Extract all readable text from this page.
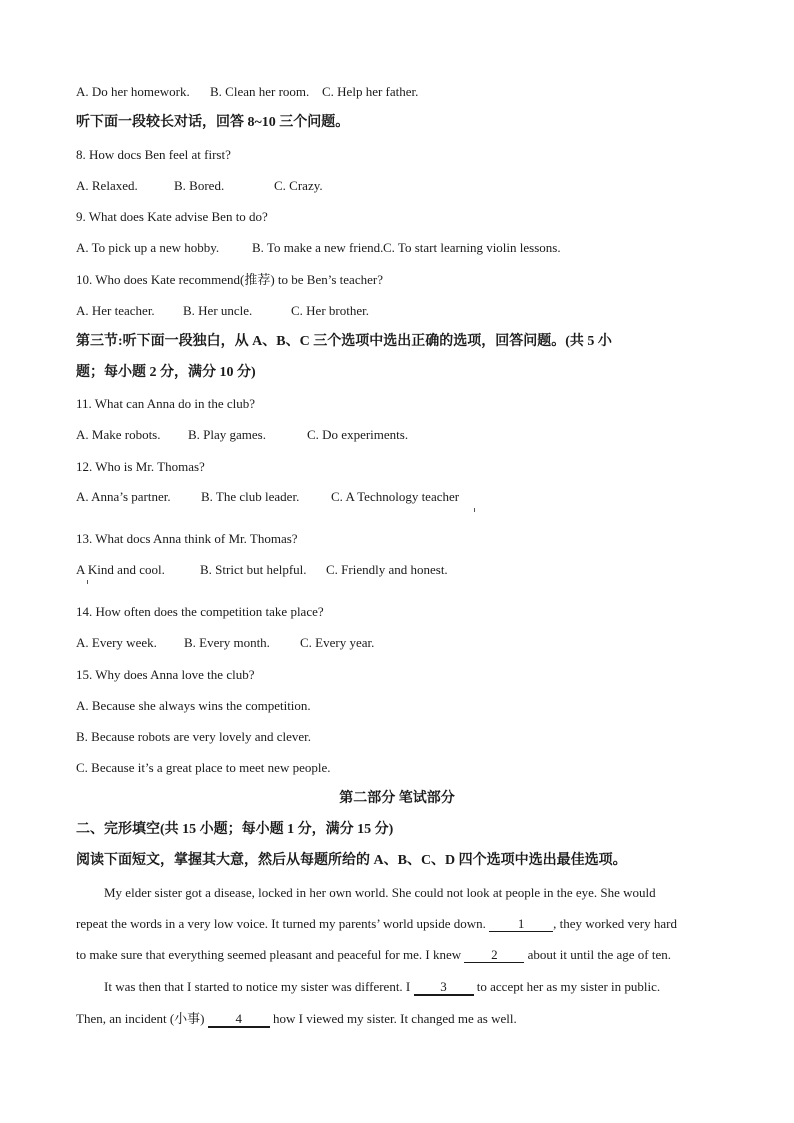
A. Do her homework. B. Clean her room. C. Help her father.
听下面一段较长对话，回答 8~10 三个问题。
8. How docs Ben feel at first?
A. Relaxed.	B. Bored.	C. Crazy.
9. What does Kate advise Ben to do?
A. To pick up a new hobby.	B. To make a new friend.C. To start learning violin lessons.
10. Who does Kate recommend(推荐) to be Ben’s teacher?
A. Her teacher. B. Her uncle.	C. Her brother.
第三节:听下面一段独白，从 A、B、C 三个选项中选出正确的选项，回答问题。(共 5 小
题；每小题 2 分，满分 10 分)
11. What can Anna do in the club?
A. Make robots. B. Play games.	C. Do experiments.
12. Who is Mr. Thomas?
A. Anna’s partner. B. The club leader. C. A Technology teacher
13. What docs Anna think of Mr. Thomas?
A Kind and cool.	B. Strict but helpful. C. Friendly and honest.
14. How often does the competition take place?
A. Every week. B. Every month. C. Every year.
15. Why does Anna love the club?
A. Because she always wins the competition.
B. Because robots are very lovely and clever.
C. Because it’s a great place to meet new people.
第二部分 笔试部分
二、完形填空(共 15 小题；每小题 1 分，满分 15 分)
阅读下面短文，掌握其大意，然后从每题所给的 A、B、C、D 四个选项中选出最佳选项。
My elder sister got a disease, locked in her own world. She could not look at people in the eye. She would
repeat the words in a very low voice. It turned my parents’ world upside down. 1 , they worked very hard
to make sure that everything seemed pleasant and peaceful for me. I knew 2 about it until the age of ten.
It was then that I started to notice my sister was different. I 3 to accept her as my sister in public.
Then, an incident (小事) 4 how I viewed my sister. It changed me as well.
